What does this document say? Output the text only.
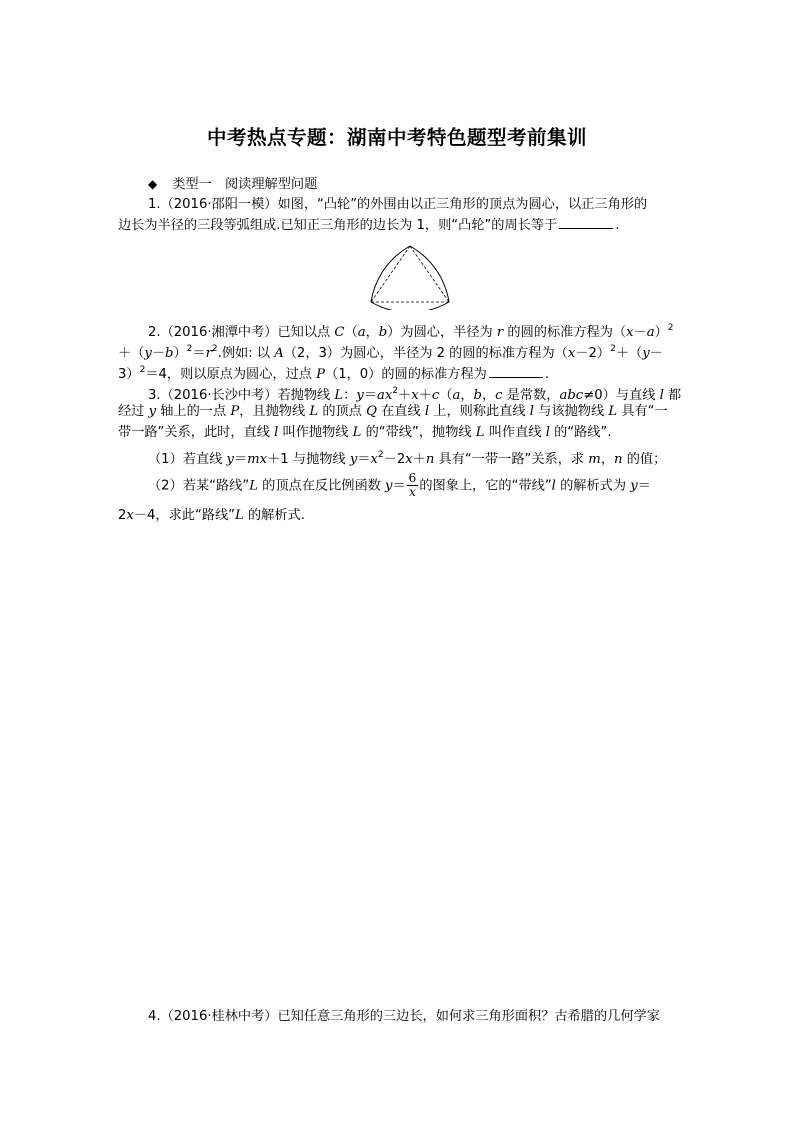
中考热点专题：湖南中考特色题型考前集训
◆ 类型一　阅读理解型问题
1.（2016·邵阳一模）如图，“凸轮”的外围由以正三角形的顶点为圆心，以正三角形的
边长为半径的三段等弧组成.已知正三角形的边长为 1，则“凸轮”的周长等于	.
2.（2016·湘潭中考）已知以点 C（a，b）为圆心，半径为 r 的圆的标准方程为$(x-a)^2$
$+(y-b)^2=r^2$.例如: 以 A（2，3）为圆心，半径为 2 的圆的标准方程为$(x-2)^2+(y-$
3）$^2$＝4，则以原点为圆心，过点 P（1，0）的圆的标准方程为	.
3.（2016·长沙中考）若抛物线 L：$y=ax^2+x+c(a$，b，c 是常数，abc≠0）与直线 l 都
经过 y 轴上的一点 P，且抛物线 L 的顶点 Q 在直线 l 上，则称此直线 l 与该抛物线 L 具有“一
带一路”关系，此时，直线 l 叫作抛物线 L 的“带线”，抛物线 L 叫作直线 l 的“路线”.
（1）若直线 y＝mx＋1 与抛物线 $y=x^2-2x+n$ 具有“一带一路”关系，求 m，n 的值；
（2）若某“路线”L 的顶点在反比例函数 $y= \frac{6}{x}$ 的图象上，它的“带线”l 的解析式为 y＝
2x－4，求此“路线”L 的解析式.
4.（2016·桂林中考）已知任意三角形的三边长，如何求三角形面积？古希腊的几何学家
